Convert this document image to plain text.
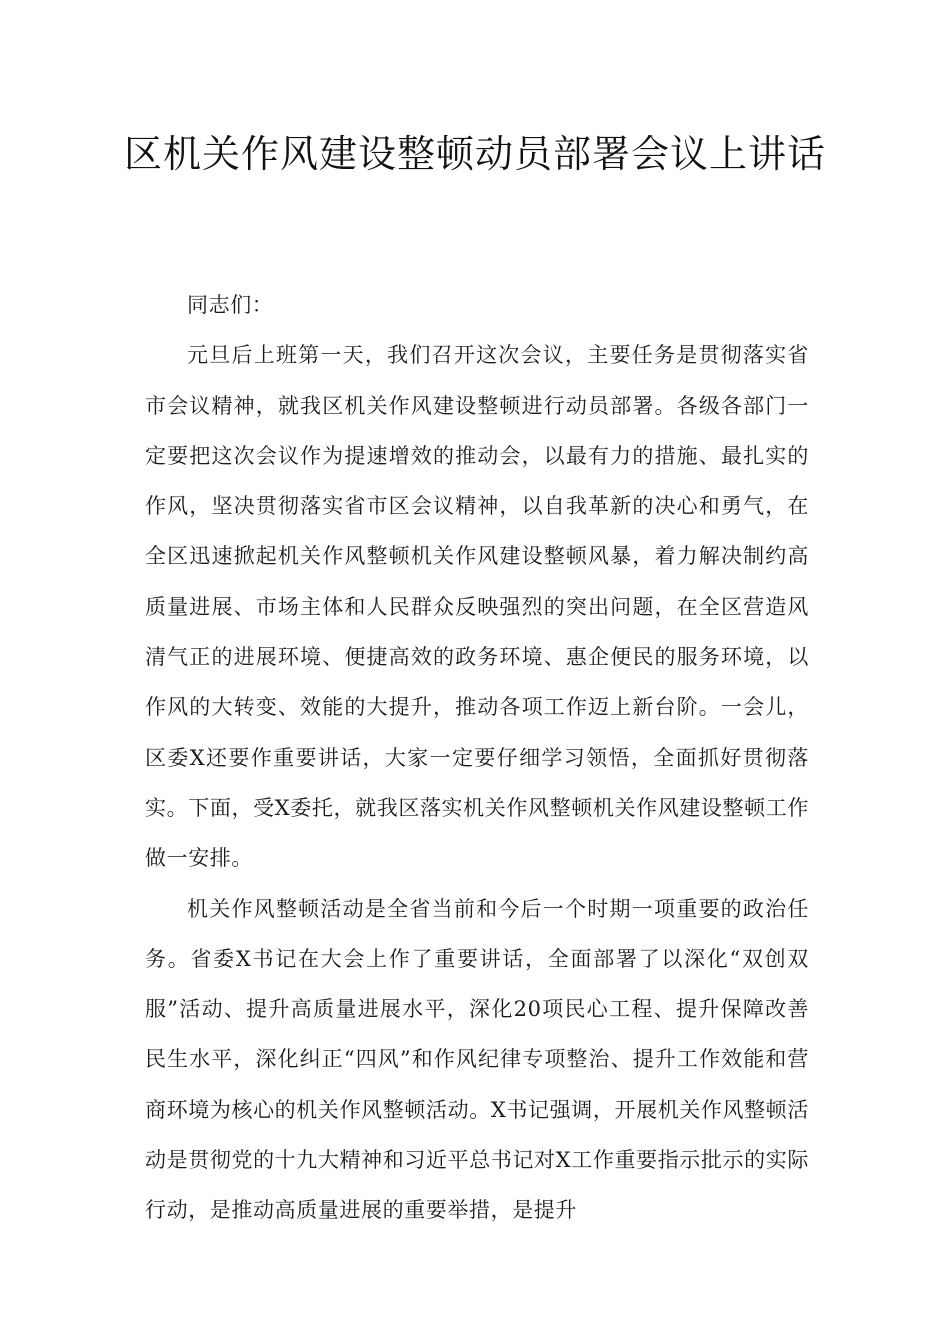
区机关作风建设整顿动员部署会议上讲话

同志们：

元旦后上班第一天，我们召开这次会议，主要任务是贯彻落实省市会议精神，就我区机关作风建设整顿进行动员部署。各级各部门一定要把这次会议作为提速增效的推动会，以最有力的措施、最扎实的作风，坚决贯彻落实省市区会议精神，以自我革新的决心和勇气，在全区迅速掀起机关作风整顿机关作风建设整顿风暴，着力解决制约高质量进展、市场主体和人民群众反映强烈的突出问题，在全区营造风清气正的进展环境、便捷高效的政务环境、惠企便民的服务环境，以作风的大转变、效能的大提升，推动各项工作迈上新台阶。一会儿，区委X还要作重要讲话，大家一定要仔细学习领悟，全面抓好贯彻落实。下面，受X委托，就我区落实机关作风整顿机关作风建设整顿工作做一安排。

机关作风整顿活动是全省当前和今后一个时期一项重要的政治任务。省委X书记在大会上作了重要讲话，全面部署了以深化“双创双服”活动、提升高质量进展水平，深化20项民心工程、提升保障改善民生水平，深化纠正“四风”和作风纪律专项整治、提升工作效能和营商环境为核心的机关作风整顿活动。X书记强调，开展机关作风整顿活动是贯彻党的十九大精神和习近平总书记对X工作重要指示批示的实际行动，是推动高质量进展的重要举措，是提升
